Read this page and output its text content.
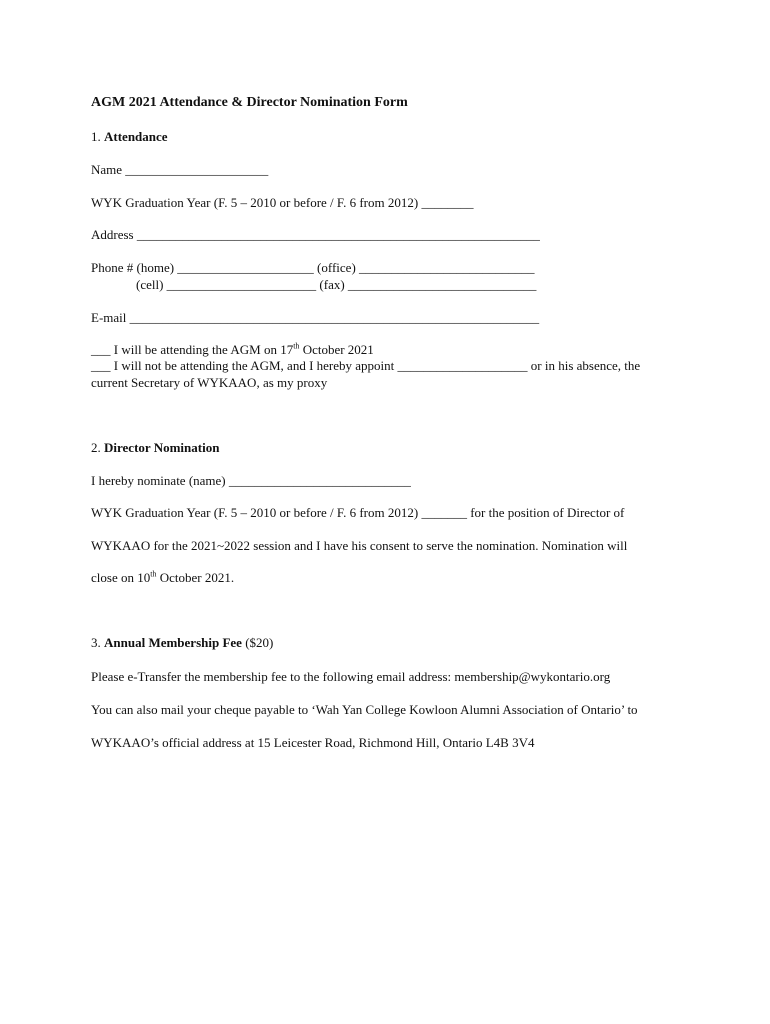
AGM 2021 Attendance & Director Nomination Form
1. Attendance
Name ______________________
WYK Graduation Year (F. 5 – 2010 or before / F. 6 from 2012) ________
Address ______________________________________________________________
Phone # (home) _____________________ (office) ___________________________
(cell) _______________________ (fax) _____________________________
E-mail _______________________________________________________________
___ I will be attending the AGM on 17th October 2021
___ I will not be attending the AGM, and I hereby appoint ____________________ or in his absence, the
current Secretary of WYKAAO, as my proxy
2. Director Nomination
I hereby nominate (name) ____________________________
WYK Graduation Year (F. 5 – 2010 or before / F. 6 from 2012) _______ for the position of Director of
WYKAAO for the 2021~2022 session and I have his consent to serve the nomination. Nomination will
close on 10th October 2021.
3. Annual Membership Fee ($20)
Please e-Transfer the membership fee to the following email address: membership@wykontario.org
You can also mail your cheque payable to ‘Wah Yan College Kowloon Alumni Association of Ontario’ to
WYKAAO’s official address at 15 Leicester Road, Richmond Hill, Ontario L4B 3V4
